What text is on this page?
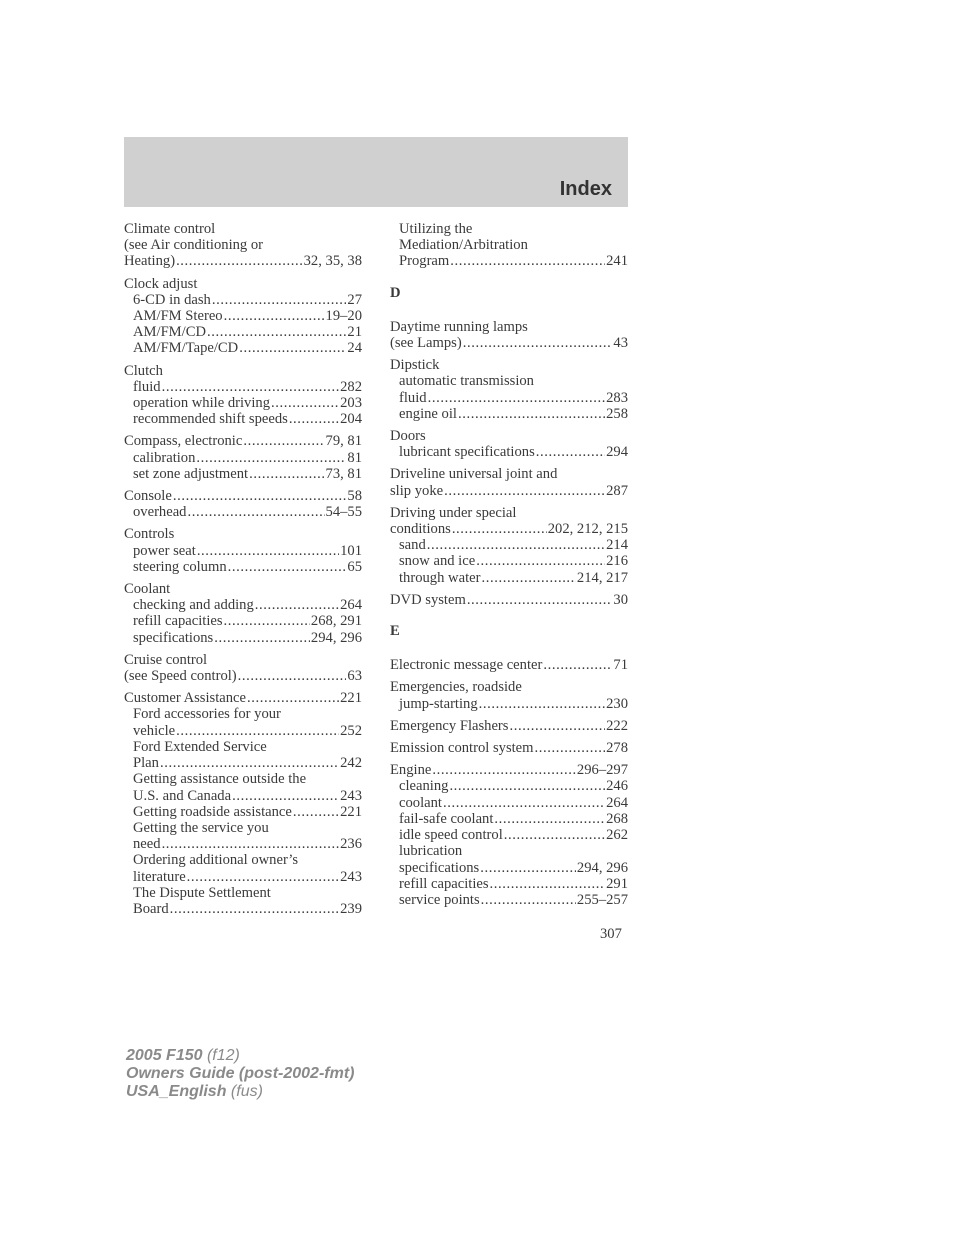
Index
Climate control
(see Air conditioning or
Heating) .....	32, 35, 38
Clock adjust
6-CD in dash .....	27
AM/FM Stereo .....	19–20
AM/FM/CD .....	21
AM/FM/Tape/CD .....	24
Clutch
fluid .....	282
operation while driving .....	203
recommended shift speeds .....	204
Compass, electronic .....	79, 81
calibration .....	81
set zone adjustment .....	73, 81
Console .....	58
overhead .....	54–55
Controls
power seat .....	101
steering column .....	65
Coolant
checking and adding .....	264
refill capacities .....	268, 291
specifications .....	294, 296
Cruise control
(see Speed control) .....	63
Customer Assistance .....	221
Ford accessories for your
vehicle .....	252
Ford Extended Service
Plan .....	242
Getting assistance outside the
U.S. and Canada .....	243
Getting roadside assistance .....	221
Getting the service you
need .....	236
Ordering additional owner’s
literature .....	243
The Dispute Settlement
Board .....	239
Utilizing the
Mediation/Arbitration
Program .....	241
D
Daytime running lamps
(see Lamps) .....	43
Dipstick
automatic transmission
fluid .....	283
engine oil .....	258
Doors
lubricant specifications .....	294
Driveline universal joint and
slip yoke .....	287
Driving under special
conditions .....	202, 212, 215
sand .....	214
snow and ice .....	216
through water .....	214, 217
DVD system .....	30
E
Electronic message center .....	71
Emergencies, roadside
jump-starting .....	230
Emergency Flashers .....	222
Emission control system .....	278
Engine .....	296–297
cleaning .....	246
coolant .....	264
fail-safe coolant .....	268
idle speed control .....	262
lubrication
specifications .....	294, 296
refill capacities .....	291
service points .....	255–257
307
2005 F150 (f12)
Owners Guide (post-2002-fmt)
USA_English (fus)
